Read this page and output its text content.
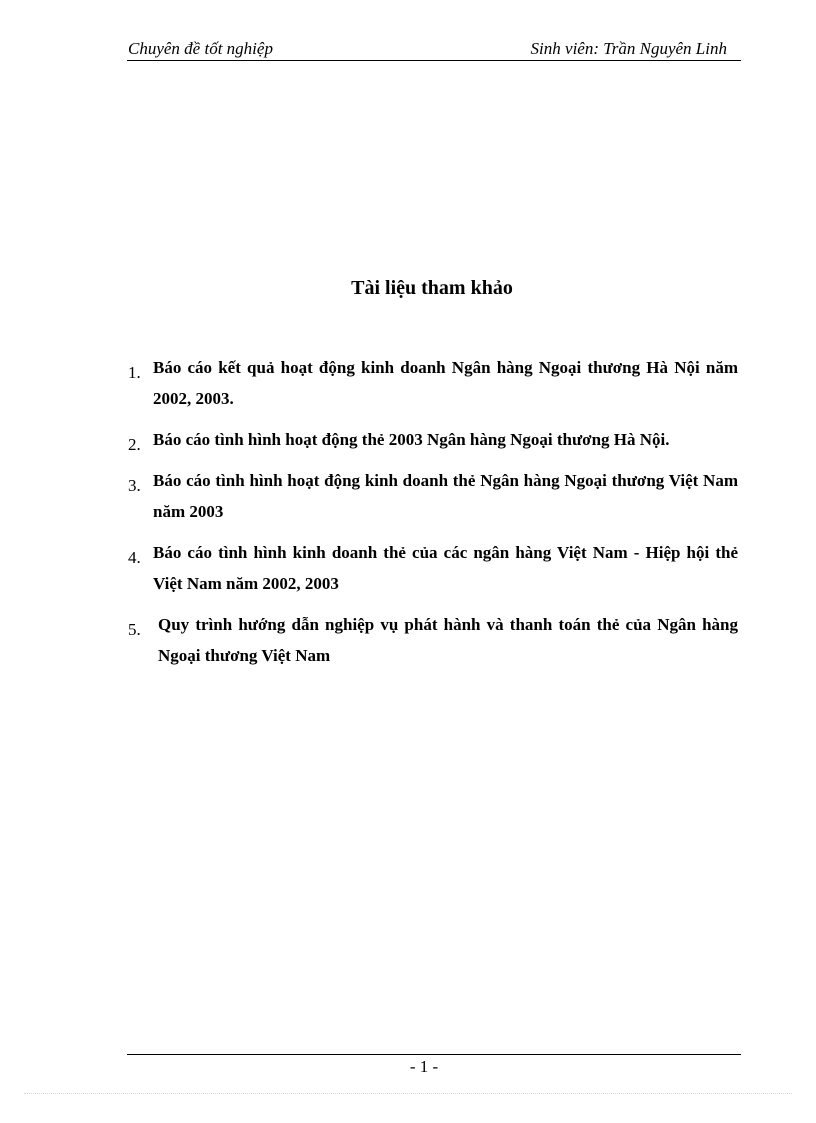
Chuyên đề tốt nghiệp	Sinh viên: Trần Nguyên Linh
Tài liệu tham khảo
1. Báo cáo kết quả hoạt động kinh doanh Ngân hàng Ngoại thương Hà Nội năm 2002, 2003.
2. Báo cáo tình hình hoạt động thẻ 2003 Ngân hàng Ngoại thương Hà Nội.
3. Báo cáo tình hình hoạt động kinh doanh thẻ Ngân hàng Ngoại thương Việt Nam năm 2003
4. Báo cáo tình hình kinh doanh thẻ của các ngân hàng Việt Nam - Hiệp hội thẻ Việt Nam năm 2002, 2003
5. Quy trình hướng dẫn nghiệp vụ phát hành và thanh toán thẻ của Ngân hàng Ngoại thương Việt Nam
- 1 -
